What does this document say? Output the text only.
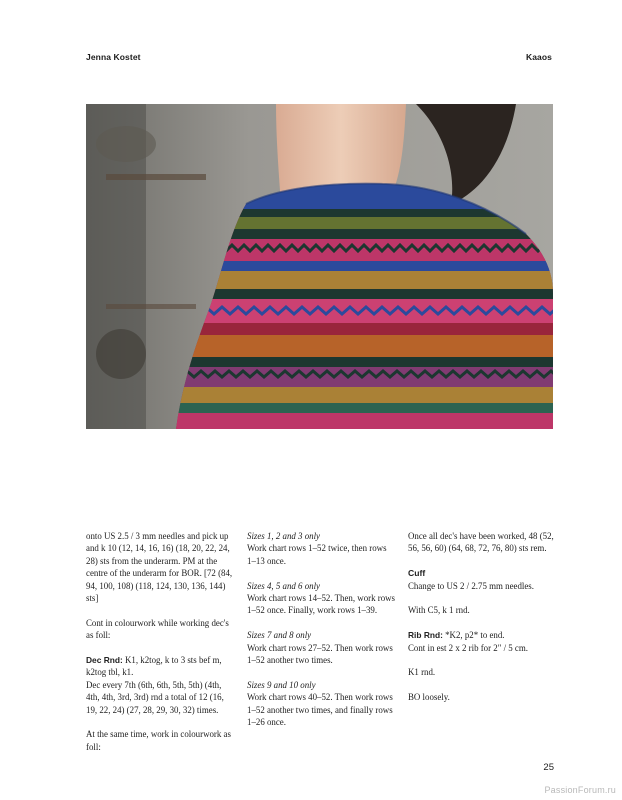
Jenna Kostet	Kaaos

onto US 2.5 / 3 mm needles and pick up and k 10 (12, 14, 16, 16) (18, 20, 22, 24, 28) sts from the underarm. PM at the centre of the underarm for BOR. [72 (84, 94, 100, 108) (118, 124, 130, 136, 144) sts]

Cont in colourwork while working dec's as foll:

Dec Rnd: K1, k2tog, k to 3 sts bef m, k2tog tbl, k1.

Dec every 7th (6th, 6th, 5th, 5th) (4th, 4th, 4th, 3rd, 3rd) rnd a total of 12 (16, 19, 22, 24) (27, 28, 29, 30, 32) times.

At the same time, work in colourwork as foll:

Sizes 1, 2 and 3 only
Work chart rows 1–52 twice, then rows 1–13 once.

Sizes 4, 5 and 6 only
Work chart rows 14–52. Then, work rows 1–52 once. Finally, work rows 1–39.

Sizes 7 and 8 only
Work chart rows 27–52. Then work rows 1–52 another two times.

Sizes 9 and 10 only
Work chart rows 40–52. Then work rows 1–52 another two times, and finally rows 1–26 once.

Once all dec's have been worked, 48 (52, 56, 56, 60) (64, 68, 72, 76, 80) sts rem.

Cuff
Change to US 2 / 2.75 mm needles.

With C5, k 1 rnd.

Rib Rnd: *K2, p2* to end.
Cont in est 2 x 2 rib for 2" / 5 cm.

K1 rnd.

BO loosely.

25
PassionForum.ru
